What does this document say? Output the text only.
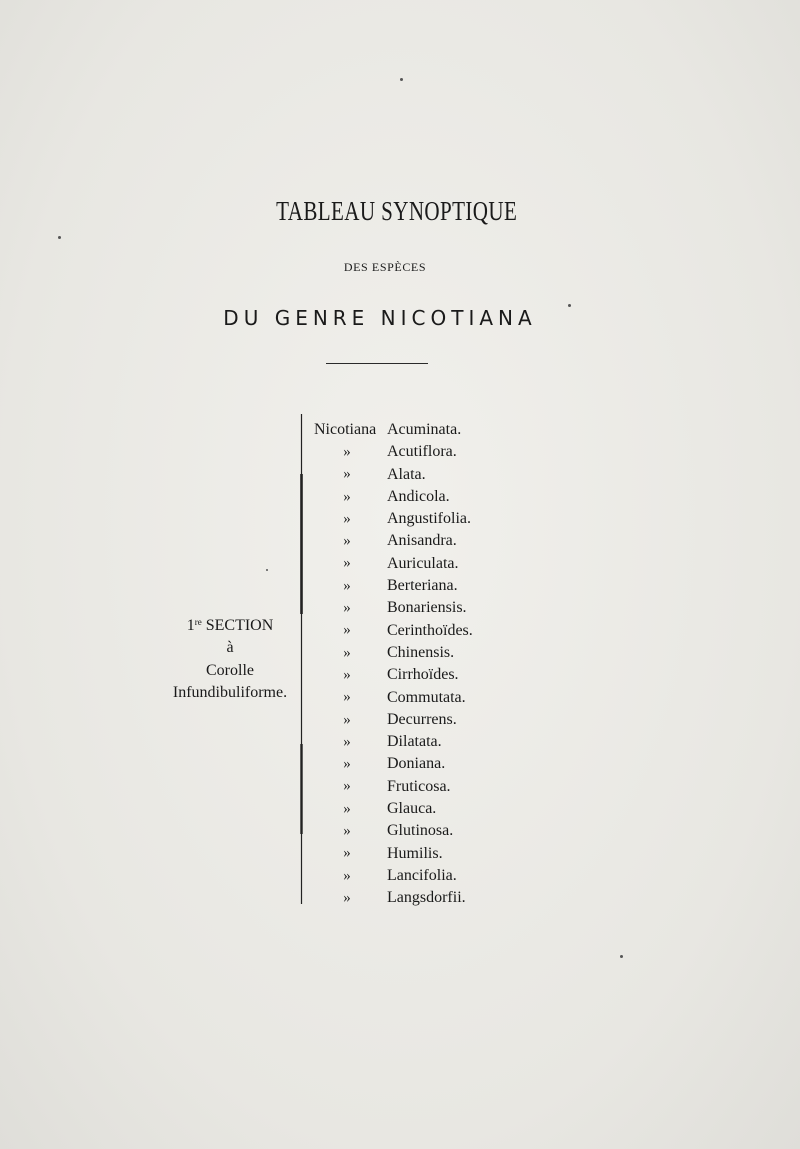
TABLEAU SYNOPTIQUE
DES ESPÈCES
DU GENRE NICOTIANA
1re SECTION
à
Corolle
Infundibuliforme.
Nicotiana
»
»
»
»
»
»
»
»
»
»
»
»
»
»
»
»
»
»
»
»
»
Acuminata.
Acutiflora.
Alata.
Andicola.
Angustifolia.
Anisandra.
Auriculata.
Berteriana.
Bonariensis.
Cerinthoïdes.
Chinensis.
Cirrhoïdes.
Commutata.
Decurrens.
Dilatata.
Doniana.
Fruticosa.
Glauca.
Glutinosa.
Humilis.
Lancifolia.
Langsdorfii.
